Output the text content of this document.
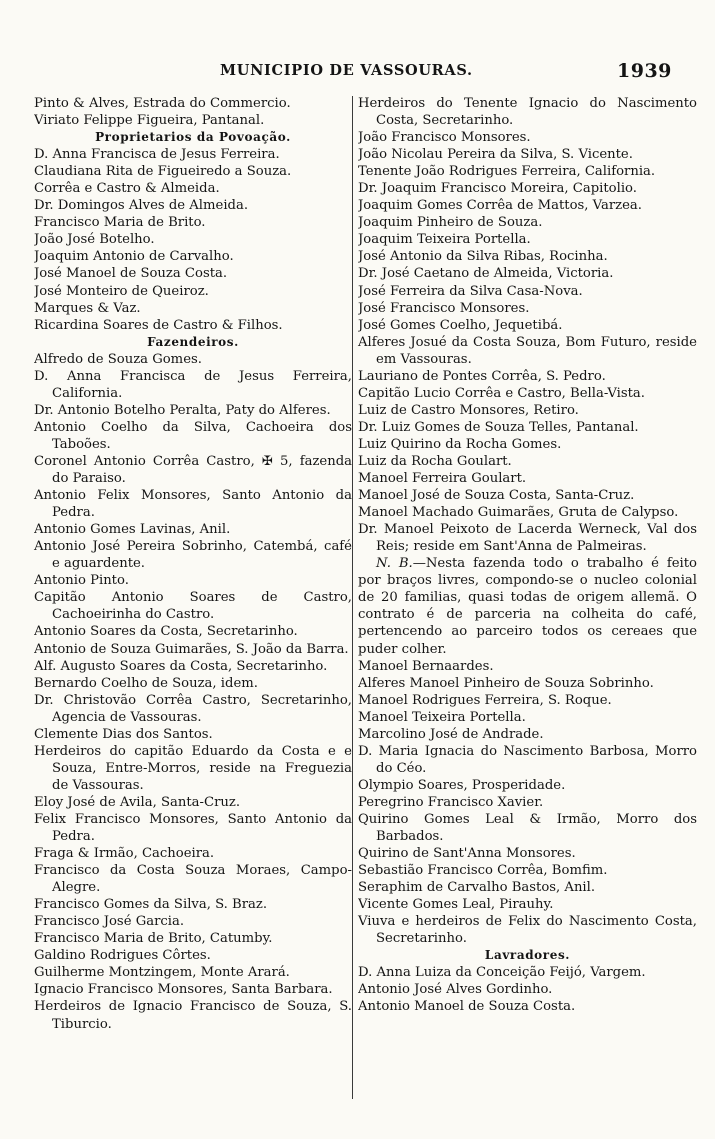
MUNICIPIO DE VASSOURAS.	1939
Pinto & Alves, Estrada do Commercio.
Viriato Felippe Figueira, Pantanal.
Proprietarios da Povoação.
D. Anna Francisca de Jesus Ferreira.
Claudiana Rita de Figueiredo a Souza.
Corrêa e Castro & Almeida.
Dr. Domingos Alves de Almeida.
Francisco Maria de Brito.
João José Botelho.
Joaquim Antonio de Carvalho.
José Manoel de Souza Costa.
José Monteiro de Queiroz.
Marques & Vaz.
Ricardina Soares de Castro & Filhos.
Fazendeiros.
Alfredo de Souza Gomes.
D. Anna Francisca de Jesus Ferreira, California.
Dr. Antonio Botelho Peralta, Paty do Alferes.
Antonio Coelho da Silva, Cachoeira dos Taboões.
Coronel Antonio Corrêa Castro, ✠ 5, fazenda do Paraiso.
Antonio Felix Monsores, Santo Antonio da Pedra.
Antonio Gomes Lavinas, Anil.
Antonio José Pereira Sobrinho, Catembá, café e aguardente.
Antonio Pinto.
Capitão Antonio Soares de Castro, Cachoeirinha do Castro.
Antonio Soares da Costa, Secretarinho.
Antonio de Souza Guimarães, S. João da Barra.
Alf. Augusto Soares da Costa, Secretarinho.
Bernardo Coelho de Souza, idem.
Dr. Christovão Corrêa Castro, Secretarinho, Agencia de Vassouras.
Clemente Dias dos Santos.
Herdeiros do capitão Eduardo da Costa e e Souza, Entre-Morros, reside na Freguezia de Vassouras.
Eloy José de Avila, Santa-Cruz.
Felix Francisco Monsores, Santo Antonio da Pedra.
Fraga & Irmão, Cachoeira.
Francisco da Costa Souza Moraes, Campo-Alegre.
Francisco Gomes da Silva, S. Braz.
Francisco José Garcia.
Francisco Maria de Brito, Catumby.
Galdino Rodrigues Côrtes.
Guilherme Montzingem, Monte Arará.
Ignacio Francisco Monsores, Santa Barbara.
Herdeiros de Ignacio Francisco de Souza, S. Tiburcio.
Herdeiros do Tenente Ignacio do Nascimento Costa, Secretarinho.
João Francisco Monsores.
João Nicolau Pereira da Silva, S. Vicente.
Tenente João Rodrigues Ferreira, California.
Dr. Joaquim Francisco Moreira, Capitolio.
Joaquim Gomes Corrêa de Mattos, Varzea.
Joaquim Pinheiro de Souza.
Joaquim Teixeira Portella.
José Antonio da Silva Ribas, Rocinha.
Dr. José Caetano de Almeida, Victoria.
José Ferreira da Silva Casa-Nova.
José Francisco Monsores.
José Gomes Coelho, Jequetibá.
Alferes Josué da Costa Souza, Bom Futuro, reside em Vassouras.
Lauriano de Pontes Corrêa, S. Pedro.
Capitão Lucio Corrêa e Castro, Bella-Vista.
Luiz de Castro Monsores, Retiro.
Dr. Luiz Gomes de Souza Telles, Pantanal.
Luiz Quirino da Rocha Gomes.
Luiz da Rocha Goulart.
Manoel Ferreira Goulart.
Manoel José de Souza Costa, Santa-Cruz.
Manoel Machado Guimarães, Gruta de Calypso.
Dr. Manoel Peixoto de Lacerda Werneck, Val dos Reis; reside em Sant'Anna de Palmeiras.
N. B.—Nesta fazenda todo o trabalho é feito por braços livres, compondo-se o nucleo colonial de 20 familias, quasi todas de origem allemã. O contrato é de parceria na colheita do café, pertencendo ao parceiro todos os cereaes que puder colher.
Manoel Bernaardes.
Alferes Manoel Pinheiro de Souza Sobrinho.
Manoel Rodrigues Ferreira, S. Roque.
Manoel Teixeira Portella.
Marcolino José de Andrade.
D. Maria Ignacia do Nascimento Barbosa, Morro do Céo.
Olympio Soares, Prosperidade.
Peregrino Francisco Xavier.
Quirino Gomes Leal & Irmão, Morro dos Barbados.
Quirino de Sant'Anna Monsores.
Sebastião Francisco Corrêa, Bomfim.
Seraphim de Carvalho Bastos, Anil.
Vicente Gomes Leal, Pirauhy.
Viuva e herdeiros de Felix do Nascimento Costa, Secretarinho.
Lavradores.
D. Anna Luiza da Conceição Feijó, Vargem.
Antonio José Alves Gordinho.
Antonio Manoel de Souza Costa.
